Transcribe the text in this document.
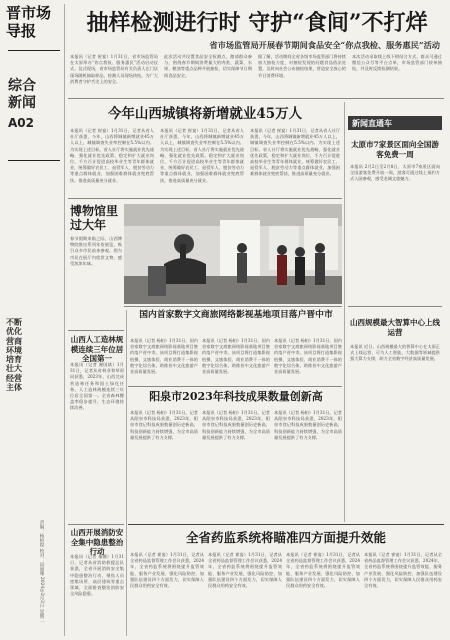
晋市场导报
综合新闻
A02
不断优化营商环境 培育壮大经营主体
责编：杨柏煌 校对：田丽珊 2024年2月2日 星期二
抽样检测进行时 守护“食间”不打烊
省市场监管局开展春节期间食品安全“你点我检、服务惠民”活动
本报讯（记者 崔宴）1月31日，省市场监管局在太原举办“你点我检、服务惠民”活动启动仪式。仪式现场，省市场监管局有关负责人在门店现场随机抽取样品，检测人员现场快检，为广大消费者守护舌尖上的安全。
此次活动共设置食品安全检测点，邀请群众参与，围绕春节期间消费量大的肉类、蔬菜、水果、粮油等重点品种开展抽检，切实保障节日期间食品安全。
据了解，活动期间全省各级市场监管部门将持续加大抽检力度，对抽检发现的问题食品依法处置，及时向社会公布抽检结果，营造安全放心的节日消费环境。
本次活动采取线上线下相结合方式，群众可通过微信公众号等平台点单，市场监管部门按单抽检，并及时反馈检测结果。
今年山西城镇将新增就业45万人
本报讯（记者 崔宴）1月31日，记者从省人社厅获悉，今年，山西将城镇新增就业45万人以上，城镇调查失业率控制在5.5%以内。为实现上述目标，省人社厅将实施就业优先战略，强化就业优先政策，稳定和扩大就业岗位，千方百计促进高校毕业生等青年群体就业，统筹做好农民工、退役军人、脱贫劳动力等重点群体就业，加强困难群体就业兜底帮扶，推进高质量充分就业。
本报讯（记者 崔宴）1月31日，记者从省人社厅获悉，今年，山西将城镇新增就业45万人以上，城镇调查失业率控制在5.5%以内。为实现上述目标，省人社厅将实施就业优先战略，强化就业优先政策，稳定和扩大就业岗位，千方百计促进高校毕业生等青年群体就业，统筹做好农民工、退役军人、脱贫劳动力等重点群体就业，加强困难群体就业兜底帮扶，推进高质量充分就业。
本报讯（记者 崔宴）1月31日，记者从省人社厅获悉，今年，山西将城镇新增就业45万人以上，城镇调查失业率控制在5.5%以内。为实现上述目标，省人社厅将实施就业优先战略，强化就业优先政策，稳定和扩大就业岗位，千方百计促进高校毕业生等青年群体就业，统筹做好农民工、退役军人、脱贫劳动力等重点群体就业，加强困难群体就业兜底帮扶，推进高质量充分就业。
博物馆里过大年
春节假期来临之际，山西博物院推出系列年俗展览，吸引众多市民前来参观。图为市民在展厅内欣赏文物，感受浓浓年味。
山西人工造林规模连续三年位居全国第一
本报讯（记者 谢国斌）1月31日，记者从省林业和草原局获悉，2023年，山西完成营造林任务和国土绿化任务，人工造林规模连续三年位居全国第一。全省森林覆盖率稳步提升，生态环境持续改善。
山西开展消防安全集中隐患整治行动
本报讯（记者 秦娜）1月31日，记者从省消防救援总队获悉，全省开展消防安全集中隐患整治行动，聚焦人员密集场所、高层建筑等重点领域，全面排查整治消防安全风险隐患。
国内首家数字文商旅网络影视基地项目落户晋中市
本报讯（记者 杨柏）1月31日，国内首家数字文商旅网络影视基地项目签约落户晋中市。该项目将打造集影视拍摄、文旅体验、商业消费于一体的数字化综合体，助推晋中文化旅游产业高质量发展。
本报讯（记者 杨柏）1月31日，国内首家数字文商旅网络影视基地项目签约落户晋中市。该项目将打造集影视拍摄、文旅体验、商业消费于一体的数字化综合体，助推晋中文化旅游产业高质量发展。
本报讯（记者 杨柏）1月31日，国内首家数字文商旅网络影视基地项目签约落户晋中市。该项目将打造集影视拍摄、文旅体验、商业消费于一体的数字化综合体，助推晋中文化旅游产业高质量发展。
阳泉市2023年科技成果数量创新高
本报讯（记者 杨柏）1月31日，记者从阳泉市科技局获悉，2023年，阳泉市登记科技成果数量创历史新高，科技创新能力持续增强，为全市高质量发展提供了有力支撑。
本报讯（记者 杨柏）1月31日，记者从阳泉市科技局获悉，2023年，阳泉市登记科技成果数量创历史新高，科技创新能力持续增强，为全市高质量发展提供了有力支撑。
本报讯（记者 杨柏）1月31日，记者从阳泉市科技局获悉，2023年，阳泉市登记科技成果数量创历史新高，科技创新能力持续增强，为全市高质量发展提供了有力支撑。
新闻直通车
太原市7家景区面向全国游客免费一周
本报讯 2月2日至2月8日，太原市7家景区面向全国游客免费开放一周，游客可通过线上预约方式入园参观，感受龙城文旅魅力。
山西规模最大智算中心上线运营
本报讯 近日，山西规模最大的智算中心在太原正式上线运营，可为人工智能、大数据等领域提供强大算力支撑，助力全省数字经济高质量发展。
全省药监系统将瞄准四方面提升效能
本报讯（记者 崔宴）1月31日，记者从全省药品监督管理工作会议获悉，2024年，全省药监系统将围绕提升监管效能、服务产业发展、强化风险防控、加强队伍建设四个方面发力，切实保障人民群众用药安全有效。
本报讯（记者 崔宴）1月31日，记者从全省药品监督管理工作会议获悉，2024年，全省药监系统将围绕提升监管效能、服务产业发展、强化风险防控、加强队伍建设四个方面发力，切实保障人民群众用药安全有效。
本报讯（记者 崔宴）1月31日，记者从全省药品监督管理工作会议获悉，2024年，全省药监系统将围绕提升监管效能、服务产业发展、强化风险防控、加强队伍建设四个方面发力，切实保障人民群众用药安全有效。
本报讯（记者 崔宴）1月31日，记者从全省药品监督管理工作会议获悉，2024年，全省药监系统将围绕提升监管效能、服务产业发展、强化风险防控、加强队伍建设四个方面发力，切实保障人民群众用药安全有效。
